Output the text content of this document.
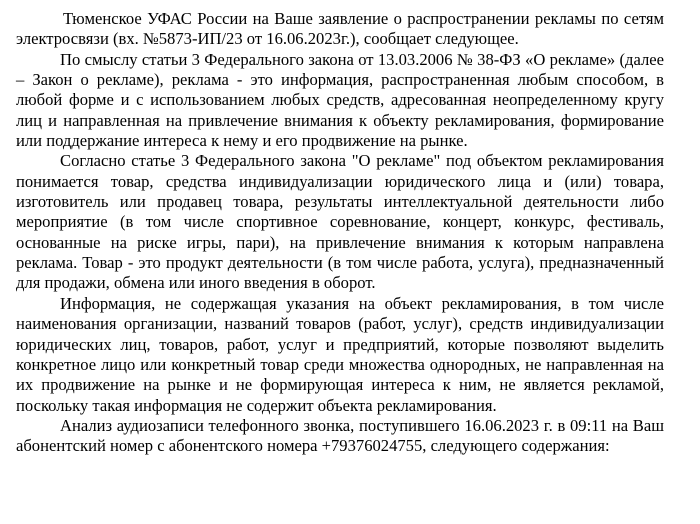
Тюменское УФАС России на Ваше заявление о распространении рекламы по сетям электросвязи (вх. №5873-ИП/23 от 16.06.2023г.), сообщает следующее.

По смыслу статьи 3 Федерального закона от 13.03.2006 № 38-ФЗ «О рекламе» (далее – Закон о рекламе), реклама - это информация, распространенная любым способом, в любой форме и с использованием любых средств, адресованная неопределенному кругу лиц и направленная на привлечение внимания к объекту рекламирования, формирование или поддержание интереса к нему и его продвижение на рынке.

Согласно статье 3 Федерального закона "О рекламе" под объектом рекламирования понимается товар, средства индивидуализации юридического лица и (или) товара, изготовитель или продавец товара, результаты интеллектуальной деятельности либо мероприятие (в том числе спортивное соревнование, концерт, конкурс, фестиваль, основанные на риске игры, пари), на привлечение внимания к которым направлена реклама. Товар - это продукт деятельности (в том числе работа, услуга), предназначенный для продажи, обмена или иного введения в оборот.

Информация, не содержащая указания на объект рекламирования, в том числе наименования организации, названий товаров (работ, услуг), средств индивидуализации юридических лиц, товаров, работ, услуг и предприятий, которые позволяют выделить конкретное лицо или конкретный товар среди множества однородных, не направленная на их продвижение на рынке и не формирующая интереса к ним, не является рекламой, поскольку такая информация не содержит объекта рекламирования.

Анализ аудиозаписи телефонного звонка, поступившего 16.06.2023 г. в 09:11 на Ваш абонентский номер с абонентского номера +79376024755, следующего содержания:
